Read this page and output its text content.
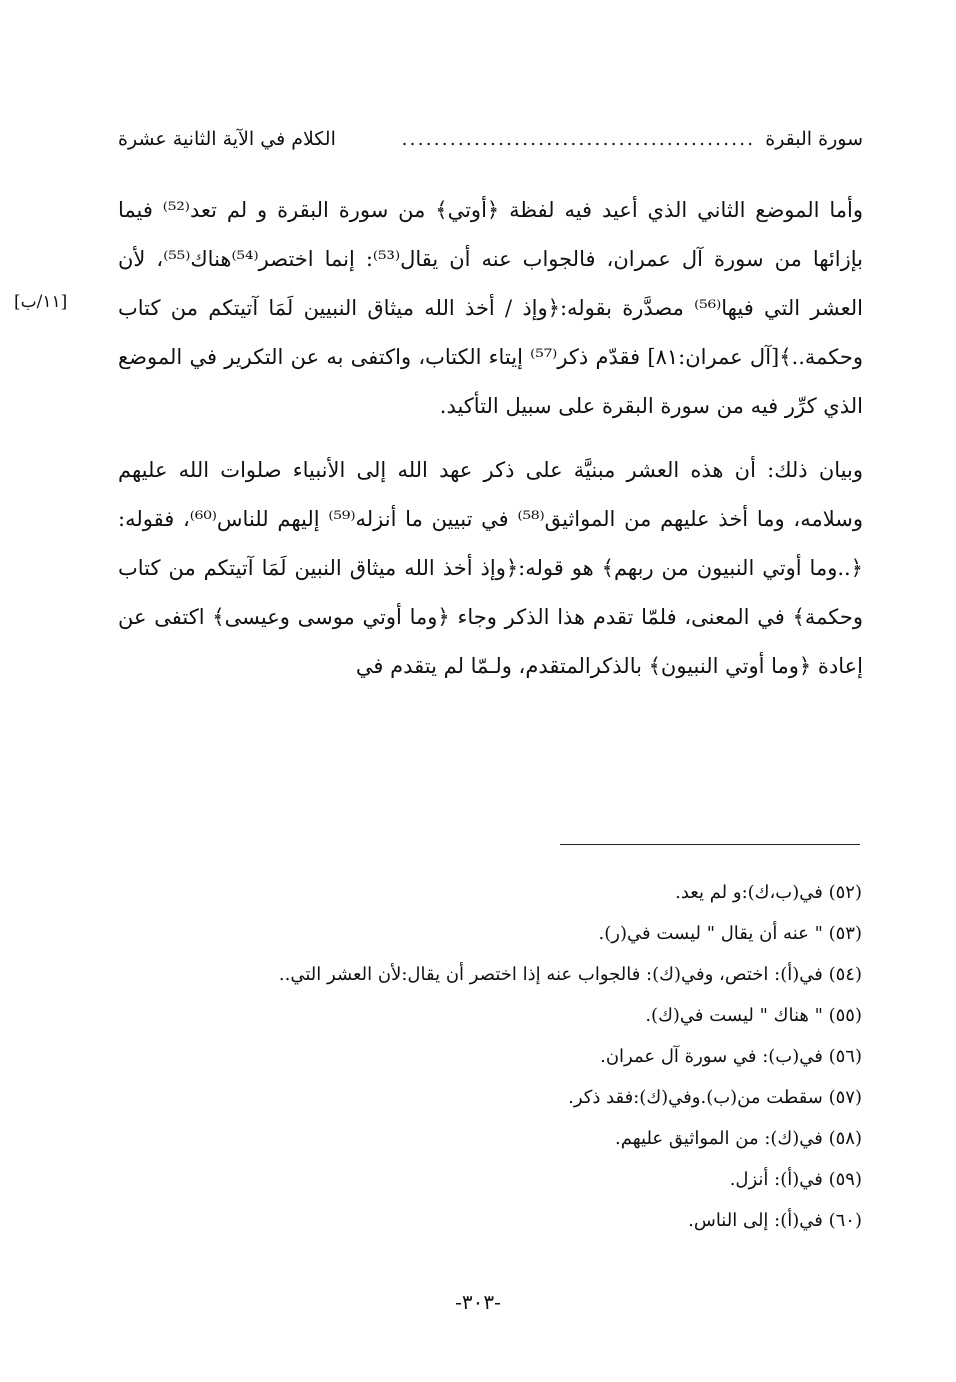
سورة البقرة
............................................
الكلام في الآية الثانية عشرة
[١١/ب]

وأما الموضع الثاني الذي أعيد فيه لفظة ﴿أوتي﴾ من سورة البقرة و لم تعد⁽⁵²⁾ فيما بإزائها من سورة آل عمران، فالجواب عنه أن يقال⁽⁵³⁾: إنما اختصر⁽⁵⁴⁾هناك⁽⁵⁵⁾، لأن العشر التي فيها⁽⁵⁶⁾ مصدَّرة بقوله:﴿وإذ / أخذ الله ميثاق النبيين لَمَا آتيتكم من كتاب وحكمة..﴾[آل عمران:٨١] فقدّم ذكر⁽⁵⁷⁾ إيتاء الكتاب، واكتفى به عن التكرير في الموضع الذي كرِّر فيه من سورة البقرة على سبيل التأكيد.

وبيان ذلك: أن هذه العشر مبنيَّة على ذكر عهد الله إلى الأنبياء صلوات الله عليهم وسلامه، وما أخذ عليهم من المواثيق⁽⁵⁸⁾ في تبيين ما أنزله⁽⁵⁹⁾ إليهم للناس⁽⁶⁰⁾، فقوله:﴿..وما أوتي النبيون من ربهم﴾ هو قوله:﴿وإذ أخذ الله ميثاق النبين لَمَا آتيتكم من كتاب وحكمة﴾ في المعنى، فلمّا تقدم هذا الذكر وجاء ﴿وما أوتي موسى وعيسى﴾ اكتفى عن إعادة ﴿وما أوتي النبيون﴾ بالذكرالمتقدم، ولـمّا لم يتقدم في

(٥٢) في(ب،ك):و لم يعد.
(٥٣) " عنه أن يقال " ليست في(ر).
(٥٤) في(أ): اختص، وفي(ك): فالجواب عنه إذا اختصر أن يقال:لأن العشر التي..
(٥٥) " هناك " ليست في(ك).
(٥٦) في(ب): في سورة آل عمران.
(٥٧) سقطت من(ب).وفي(ك):فقد ذكر.
(٥٨) في(ك): من المواثيق عليهم.
(٥٩) في(أ): أنزل.
(٦٠) في(أ): إلى الناس.
-٣٠٣-
